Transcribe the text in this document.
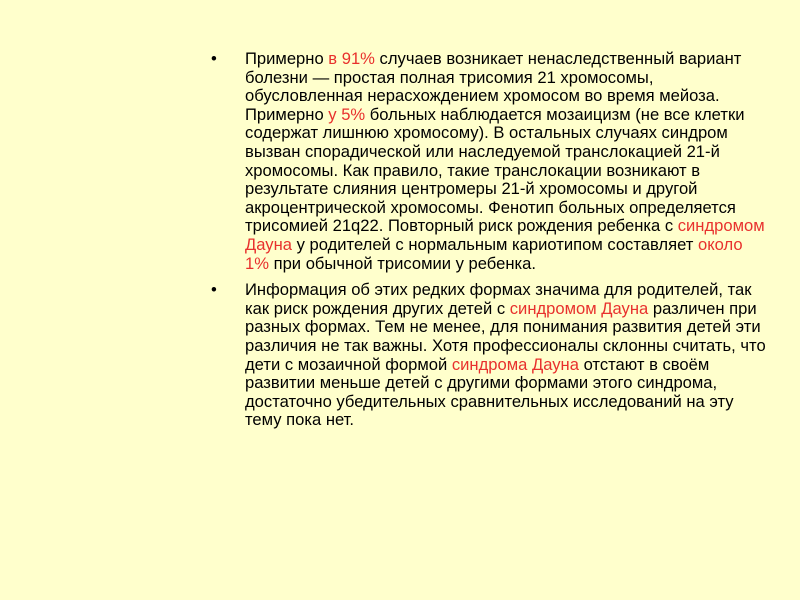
•	Примерно в 91% случаев возникает ненаследственный вариант болезни — простая полная трисомия 21 хромосомы, обусловленная нерасхождением хромосом во время мейоза. Примерно у 5% больных наблюдается мозаицизм (не все клетки содержат лишнюю хромосому). В остальных случаях синдром вызван спорадической или наследуемой транслокацией 21-й хромосомы. Как правило, такие транслокации возникают в результате слияния центромеры 21-й хромосомы и другой акроцентрической хромосомы. Фенотип больных определяется трисомией 21q22. Повторный риск рождения ребенка с синдромом Дауна у родителей с нормальным кариотипом составляет около 1% при обычной трисомии у ребенка.
•	Информация об этих редких формах значима для родителей, так как риск рождения других детей с синдромом Дауна различен при разных формах. Тем не менее, для понимания развития детей эти различия не так важны. Хотя профессионалы склонны считать, что дети с мозаичной формой синдрома Дауна отстают в своём развитии меньше детей с другими формами этого синдрома, достаточно убедительных сравнительных исследований на эту тему пока нет.
